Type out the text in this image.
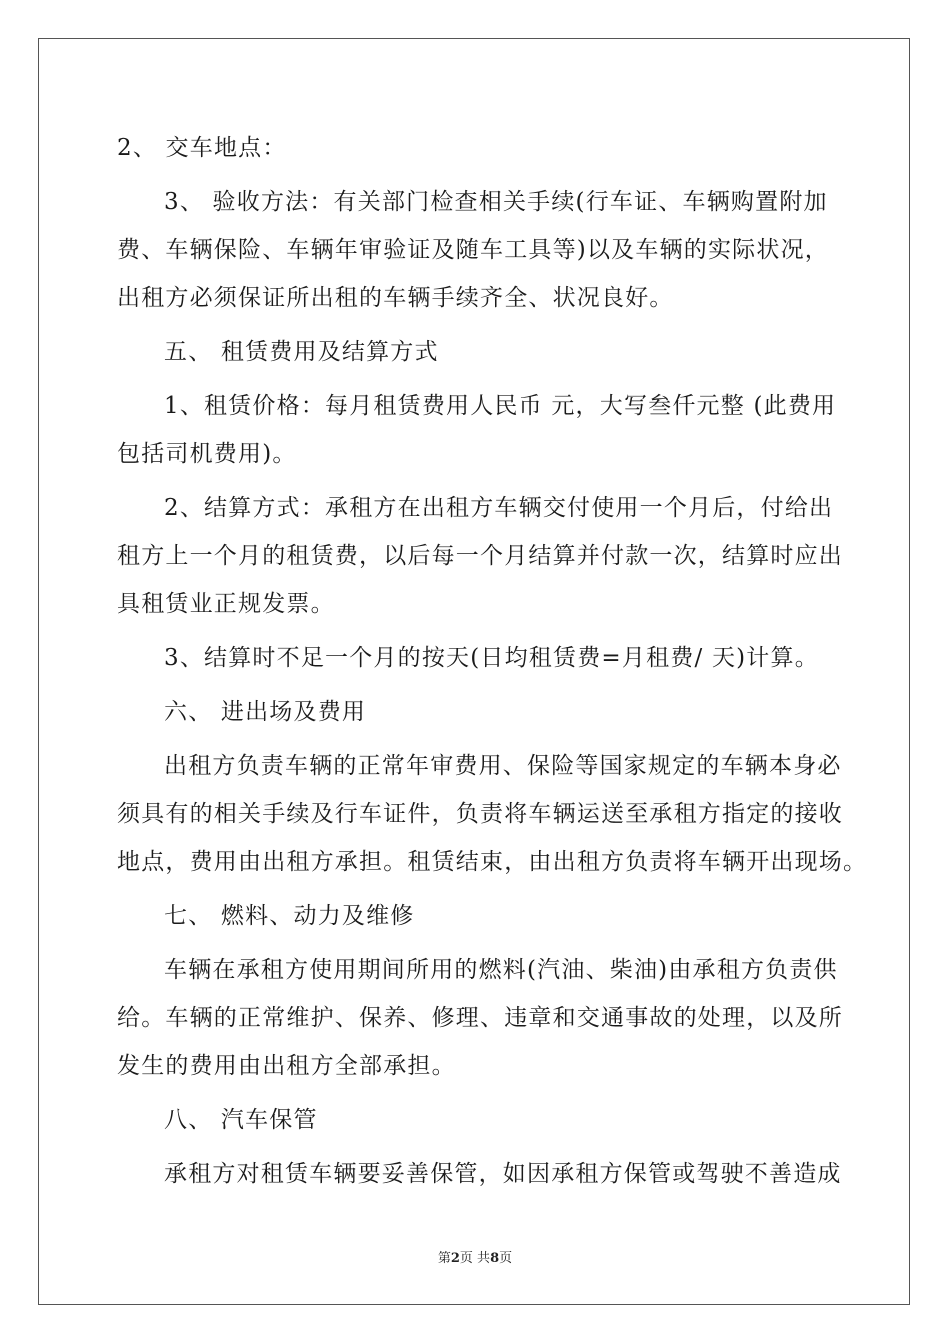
2、 交车地点：

3、 验收方法：有关部门检查相关手续(行车证、车辆购置附加

费、车辆保险、车辆年审验证及随车工具等)以及车辆的实际状况，

出租方必须保证所出租的车辆手续齐全、状况良好。

五、 租赁费用及结算方式

1、租赁价格：每月租赁费用人民币 元，大写叁仟元整 (此费用

包括司机费用)。

2、结算方式：承租方在出租方车辆交付使用一个月后，付给出

租方上一个月的租赁费，以后每一个月结算并付款一次，结算时应出

具租赁业正规发票。

3、结算时不足一个月的按天(日均租赁费=月租费/ 天)计算。

六、 进出场及费用

出租方负责车辆的正常年审费用、保险等国家规定的车辆本身必

须具有的相关手续及行车证件，负责将车辆运送至承租方指定的接收

地点，费用由出租方承担。租赁结束，由出租方负责将车辆开出现场。

七、 燃料、动力及维修

车辆在承租方使用期间所用的燃料(汽油、柴油)由承租方负责供

给。车辆的正常维护、保养、修理、违章和交通事故的处理，以及所

发生的费用由出租方全部承担。

八、 汽车保管

承租方对租赁车辆要妥善保管，如因承租方保管或驾驶不善造成

第2页 共8页
